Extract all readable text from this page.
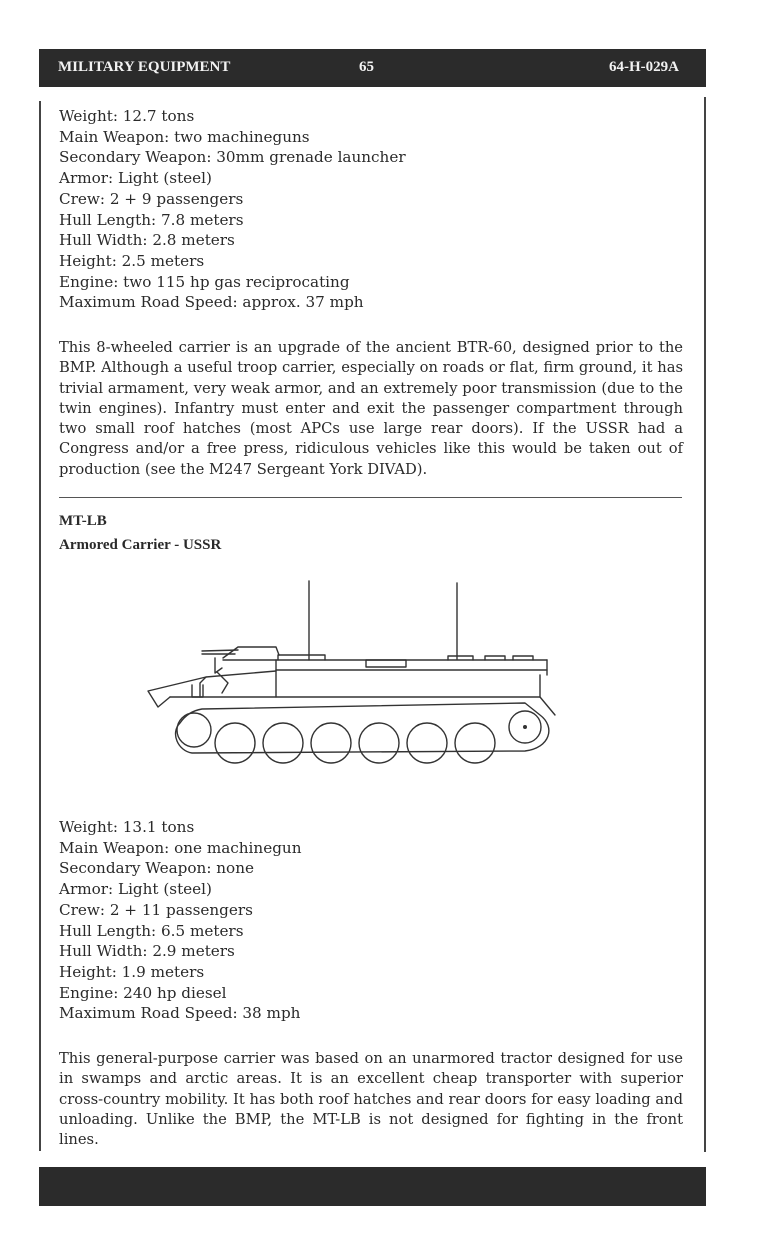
MILITARY EQUIPMENT	65	64-H-029A
Weight: 12.7 tons
Main Weapon: two machineguns
Secondary Weapon: 30mm grenade launcher
Armor: Light (steel)
Crew: 2 + 9 passengers
Hull Length: 7.8 meters
Hull Width: 2.8 meters
Height: 2.5 meters
Engine: two 115 hp gas reciprocating
Maximum Road Speed: approx. 37 mph
This 8-wheeled carrier is an upgrade of the ancient BTR-60, designed prior to the BMP. Although a useful troop carrier, especially on roads or flat, firm ground, it has trivial armament, very weak armor, and an extremely poor transmission (due to the twin engines). Infantry must enter and exit the passenger compartment through two small roof hatches (most APCs use large rear doors). If the USSR had a Congress and/or a free press, ridiculous vehicles like this would be taken out of production (see the M247 Sergeant York DIVAD).
MT-LB
Armored Carrier - USSR
Weight: 13.1 tons
Main Weapon: one machinegun
Secondary Weapon: none
Armor: Light (steel)
Crew: 2 + 11 passengers
Hull Length: 6.5 meters
Hull Width: 2.9 meters
Height: 1.9 meters
Engine: 240 hp diesel
Maximum Road Speed: 38 mph
This general-purpose carrier was based on an unarmored tractor designed for use in swamps and arctic areas. It is an excellent cheap transporter with superior cross-country mobility. It has both roof hatches and rear doors for easy loading and unloading. Unlike the BMP, the MT-LB is not designed for fighting in the front lines.
